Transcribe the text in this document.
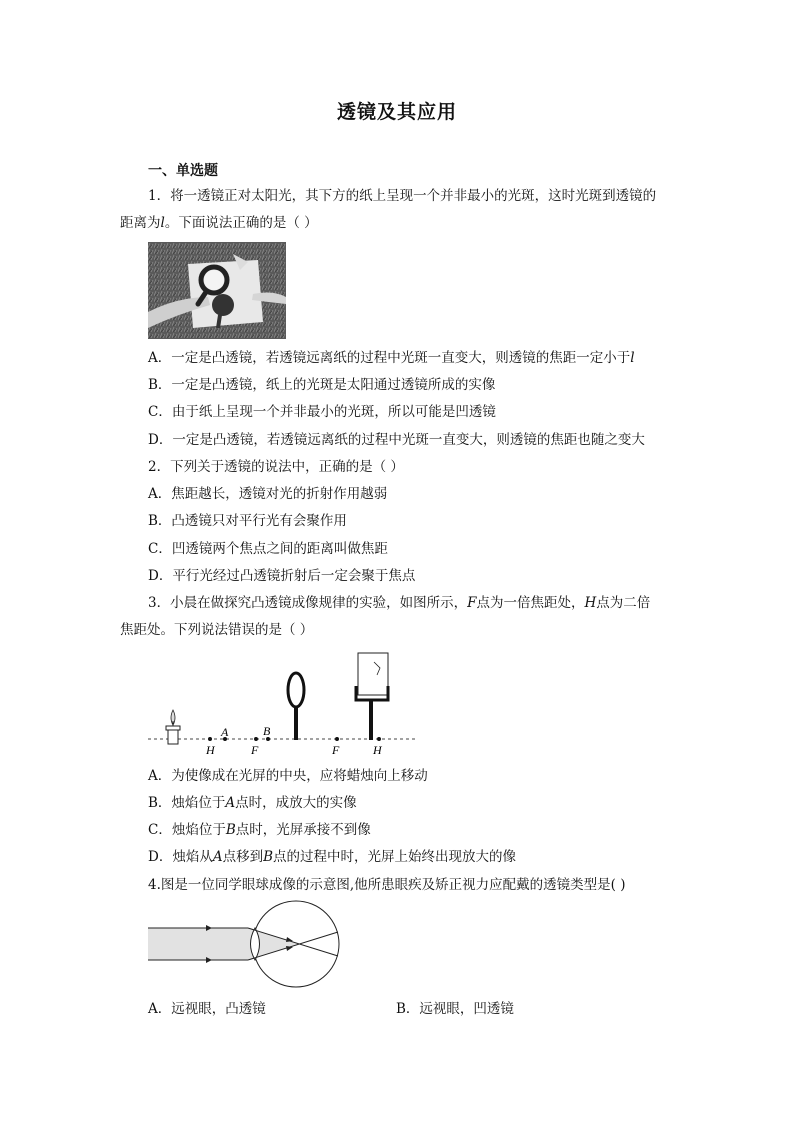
透镜及其应用
一、单选题
1．将一透镜正对太阳光，其下方的纸上呈现一个并非最小的光斑，这时光斑到透镜的
距离为l。下面说法正确的是（ ）
A．一定是凸透镜，若透镜远离纸的过程中光斑一直变大，则透镜的焦距一定小于l
B．一定是凸透镜，纸上的光斑是太阳通过透镜所成的实像
C．由于纸上呈现一个并非最小的光斑，所以可能是凹透镜
D．一定是凸透镜，若透镜远离纸的过程中光斑一直变大，则透镜的焦距也随之变大
2．下列关于透镜的说法中，正确的是（ ）
A．焦距越长，透镜对光的折射作用越弱
B．凸透镜只对平行光有会聚作用
C．凹透镜两个焦点之间的距离叫做焦距
D．平行光经过凸透镜折射后一定会聚于焦点
3．小晨在做探究凸透镜成像规律的实验，如图所示，F点为一倍焦距处，H点为二倍
焦距处。下列说法错误的是（ ）
H
A
F
B
F	H
A．为使像成在光屏的中央，应将蜡烛向上移动
B．烛焰位于A点时，成放大的实像
C．烛焰位于B点时，光屏承接不到像
D．烛焰从A点移到B点的过程中时，光屏上始终出现放大的像
4.图是一位同学眼球成像的示意图,他所患眼疾及矫正视力应配戴的透镜类型是( )
A．远视眼，凸透镜	B．远视眼，凹透镜
